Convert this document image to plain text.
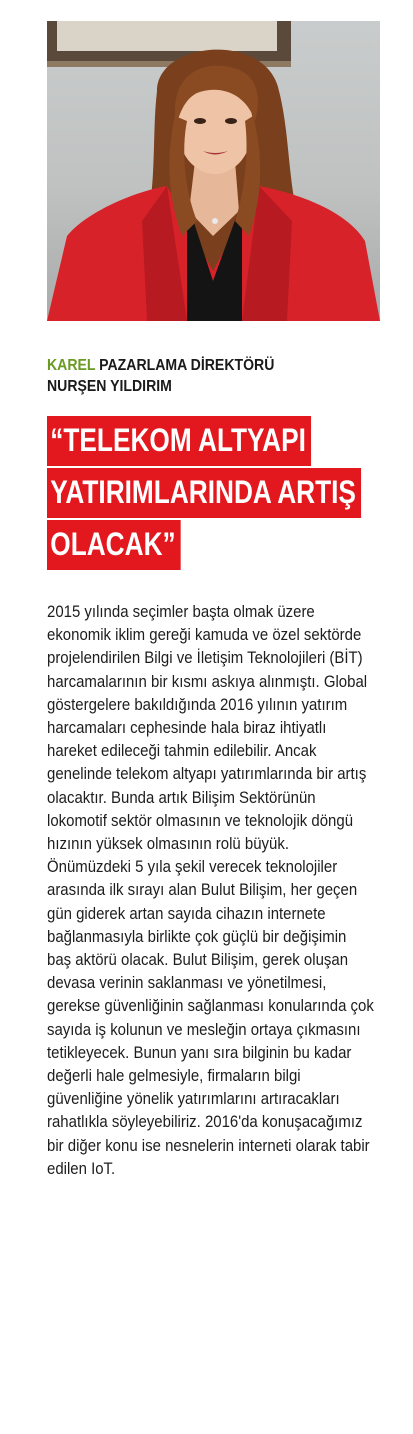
KAREL PAZARLAMA DİREKTÖRÜ
NURŞEN YILDIRIM
“TELEKOM ALTYAPI
YATIRIMLARINDA ARTIŞ
OLACAK”

2015 yılında seçimler başta olmak üzere ekonomik iklim gereği kamuda ve özel sektörde projelendirilen Bilgi ve İletişim Teknolojileri (BİT) harcamalarının bir kısmı askıya alınmıştı. Global göstergelere bakıldığında 2016 yılının yatırım harcamaları cephesinde hala biraz ihtiyatlı hareket edileceği tahmin edilebilir. Ancak genelinde telekom altyapı yatırımlarında bir artış olacaktır. Bunda artık Bilişim Sektörünün lokomotif sektör olmasının ve teknolojik döngü hızının yüksek olmasının rolü büyük.

Önümüzdeki 5 yıla şekil verecek teknolojiler arasında ilk sırayı alan Bulut Bilişim, her geçen gün giderek artan sayıda cihazın internete bağlanmasıyla birlikte çok güçlü bir değişimin baş aktörü olacak. Bulut Bilişim, gerek oluşan devasa verinin saklanması ve yönetilmesi, gerekse güvenliğinin sağlanması konularında çok sayıda iş kolunun ve mesleğin ortaya çıkmasını tetikleyecek. Bunun yanı sıra bilginin bu kadar değerli hale gelmesiyle, firmaların bilgi güvenliğine yönelik yatırımlarını artıracakları rahatlıkla söyleyebiliriz. 2016'da konuşacağımız bir diğer konu ise nesnelerin interneti olarak tabir edilen IoT.
